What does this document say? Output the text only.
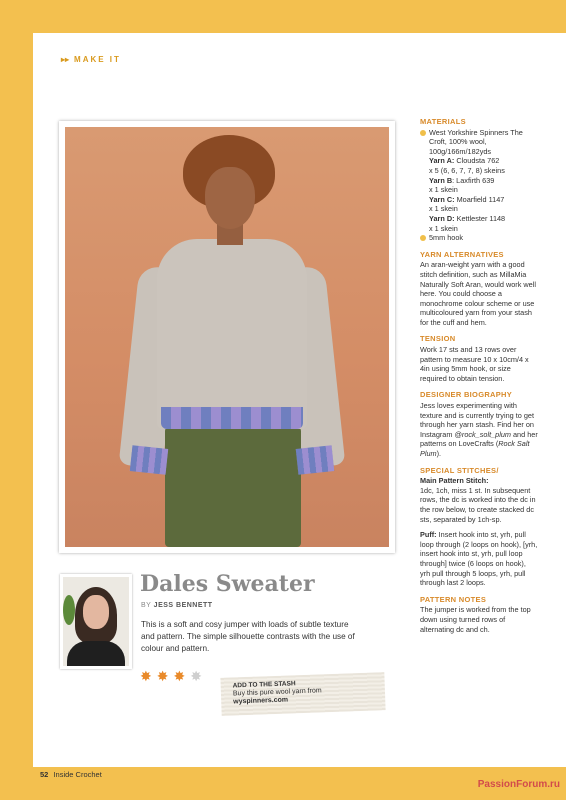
▸▸ MAKE IT
Dales Sweater
BY JESS BENNETT
This is a soft and cosy jumper with loads of subtle texture and pattern. The simple silhouette contrasts with the use of colour and pattern.
✸ ✸ ✸ ✸
ADD TO THE STASH
Buy this pure wool yarn from
wyspinners.com
MATERIALS
West Yorkshire Spinners The Croft, 100% wool, 100g/166m/182yds
Yarn A: Cloudsta 762
x 5 (6, 6, 7, 7, 8) skeins
Yarn B: Laxfirth 639
x 1 skein
Yarn C: Moarfield 1147
x 1 skein
Yarn D: Kettlester 1148
x 1 skein
5mm hook
YARN ALTERNATIVES
An aran-weight yarn with a good stitch definition, such as MillaMia Naturally Soft Aran, would work well here. You could choose a monochrome colour scheme or use multicoloured yarn from your stash for the cuff and hem.
TENSION
Work 17 sts and 13 rows over pattern to measure 10 x 10cm/4 x 4in using 5mm hook, or size required to obtain tension.
DESIGNER BIOGRAPHY
Jess loves experimenting with texture and is currently trying to get through her yarn stash. Find her on Instagram @rock_solt_plum and her patterns on LoveCrafts (Rock Salt Plum).
SPECIAL STITCHES/
Main Pattern Stitch:
1dc, 1ch, miss 1 st. In subsequent rows, the dc is worked into the dc in the row below, to create stacked dc sts, separated by 1ch-sp.
Puff: Insert hook into st, yrh, pull loop through (2 loops on hook), [yrh, insert hook into st, yrh, pull loop through] twice (6 loops on hook), yrh pull through 5 loops, yrh, pull through last 2 loops.
PATTERN NOTES
The jumper is worked from the top down using turned rows of alternating dc and ch.
52 Inside Crochet
PassionForum.ru
